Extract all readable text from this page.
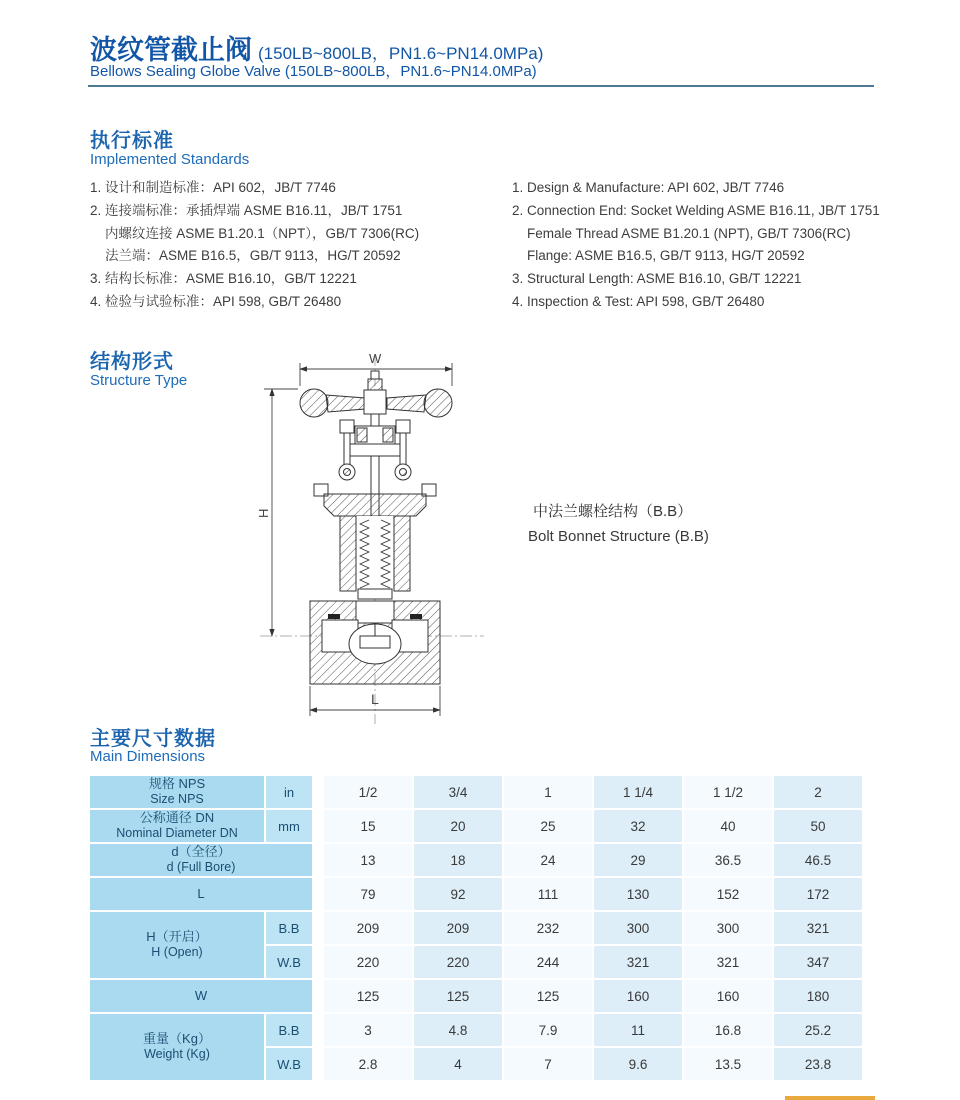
波纹管截止阀 (150LB~800LB，PN1.6~PN14.0MPa)
Bellows Sealing Globe Valve (150LB~800LB，PN1.6~PN14.0MPa)
执行标准
Implemented Standards
1. 设计和制造标准：API 602，JB/T 7746
2. 连接端标准：承插焊端 ASME B16.11，JB/T 1751
内螺纹连接 ASME B1.20.1（NPT），GB/T 7306(RC)
法兰端：ASME B16.5，GB/T 9113，HG/T 20592
3. 结构长标准：ASME B16.10，GB/T 12221
4. 检验与试验标准：API 598, GB/T 26480
1. Design & Manufacture: API 602, JB/T 7746
2. Connection End: Socket Welding ASME B16.11, JB/T 1751
Female Thread ASME B1.20.1 (NPT), GB/T 7306(RC)
Flange: ASME B16.5, GB/T 9113, HG/T 20592
3. Structural Length: ASME B16.10, GB/T 12221
4. Inspection & Test: API 598, GB/T 26480
结构形式
Structure Type
W
H
L
中法兰螺栓结构（B.B）
Bolt Bonnet Structure (B.B)
主要尺寸数据
Main Dimensions
规格 NPS
Size NPS	in		1/2	3/4	1	1 1/4	1 1/2	2

公称通径 DN
Nominal Diameter DN	mm		15	20	25	32	40	50

d（全径）
d (Full Bore)			13	18	24	29	36.5	46.5

L			79	92	111	130	152	172

H（开启）
H (Open)	B.B		209	209	232	300	300	321
	W.B		220	220	244	321	321	347

W			125	125	125	160	160	180

重量（Kg）
Weight (Kg)	B.B		3	4.8	7.9	11	16.8	25.2
	W.B		2.8	4	7	9.6	13.5	23.8
